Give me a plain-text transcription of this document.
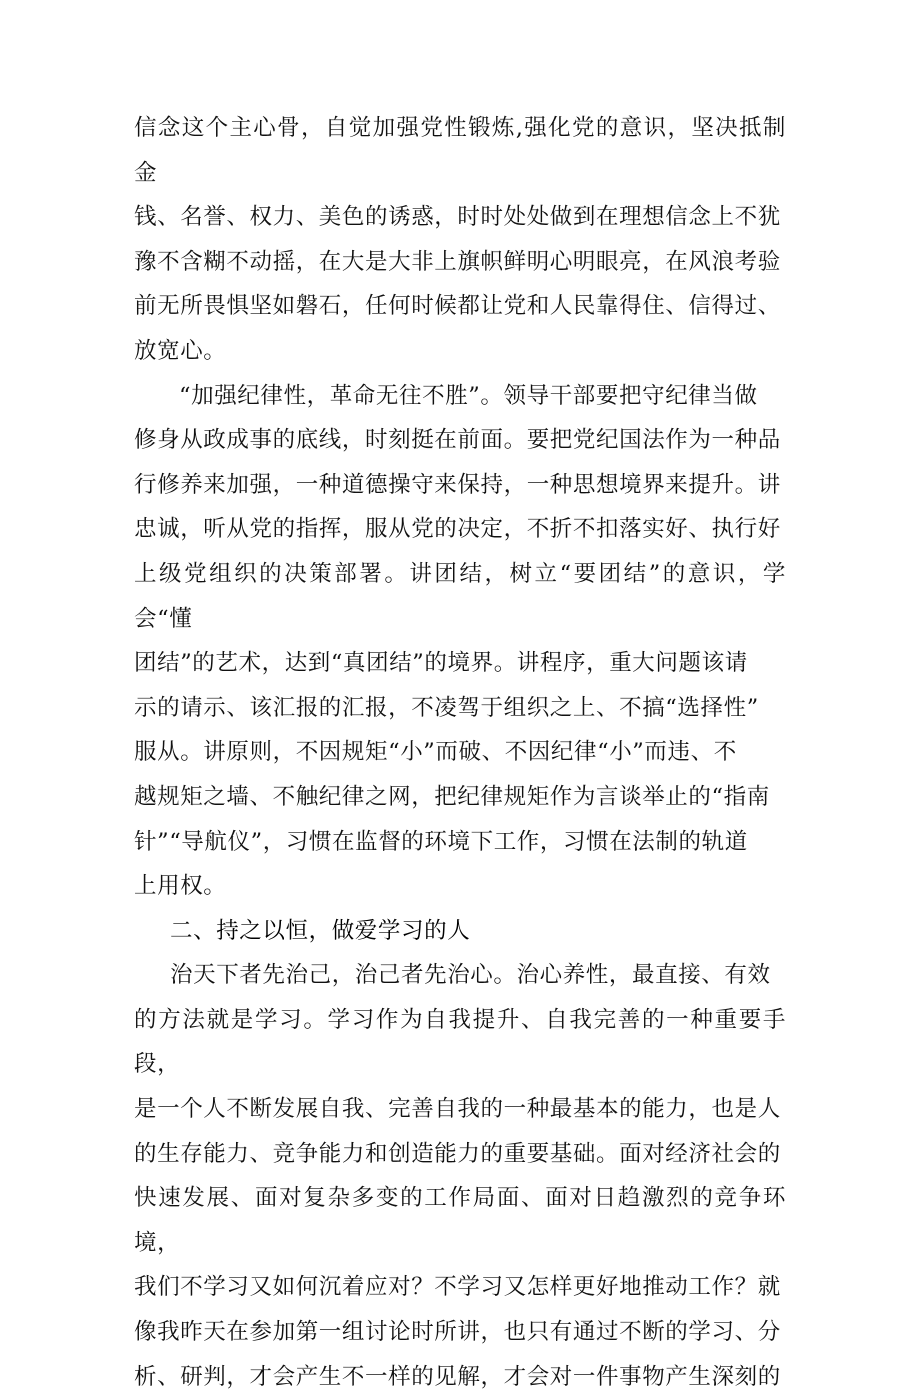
信念这个主心骨，自觉加强党性锻炼,强化党的意识，坚决抵制金
钱、名誉、权力、美色的诱惑，时时处处做到在理想信念上不犹
豫不含糊不动摇，在大是大非上旗帜鲜明心明眼亮，在风浪考验
前无所畏惧坚如磐石，任何时候都让党和人民靠得住、信得过、
放宽心。

“加强纪律性，革命无往不胜”。领导干部要把守纪律当做
修身从政成事的底线，时刻挺在前面。要把党纪国法作为一种品
行修养来加强，一种道德操守来保持，一种思想境界来提升。讲
忠诚，听从党的指挥，服从党的决定，不折不扣落实好、执行好
上级党组织的决策部署。讲团结，树立“要团结”的意识，学会“懂
团结”的艺术，达到“真团结”的境界。讲程序，重大问题该请
示的请示、该汇报的汇报，不凌驾于组织之上、不搞“选择性”
服从。讲原则，不因规矩“小”而破、不因纪律“小”而违、不
越规矩之墙、不触纪律之网，把纪律规矩作为言谈举止的“指南
针”“导航仪”，习惯在监督的环境下工作，习惯在法制的轨道
上用权。

二、持之以恒，做爱学习的人

治天下者先治己，治己者先治心。治心养性，最直接、有效
的方法就是学习。学习作为自我提升、自我完善的一种重要手段，
是一个人不断发展自我、完善自我的一种最基本的能力，也是人
的生存能力、竞争能力和创造能力的重要基础。面对经济社会的
快速发展、面对复杂多变的工作局面、面对日趋激烈的竞争环境，
我们不学习又如何沉着应对？不学习又怎样更好地推动工作？就
像我昨天在参加第一组讨论时所讲，也只有通过不断的学习、分
析、研判，才会产生不一样的见解，才会对一件事物产生深刻的
